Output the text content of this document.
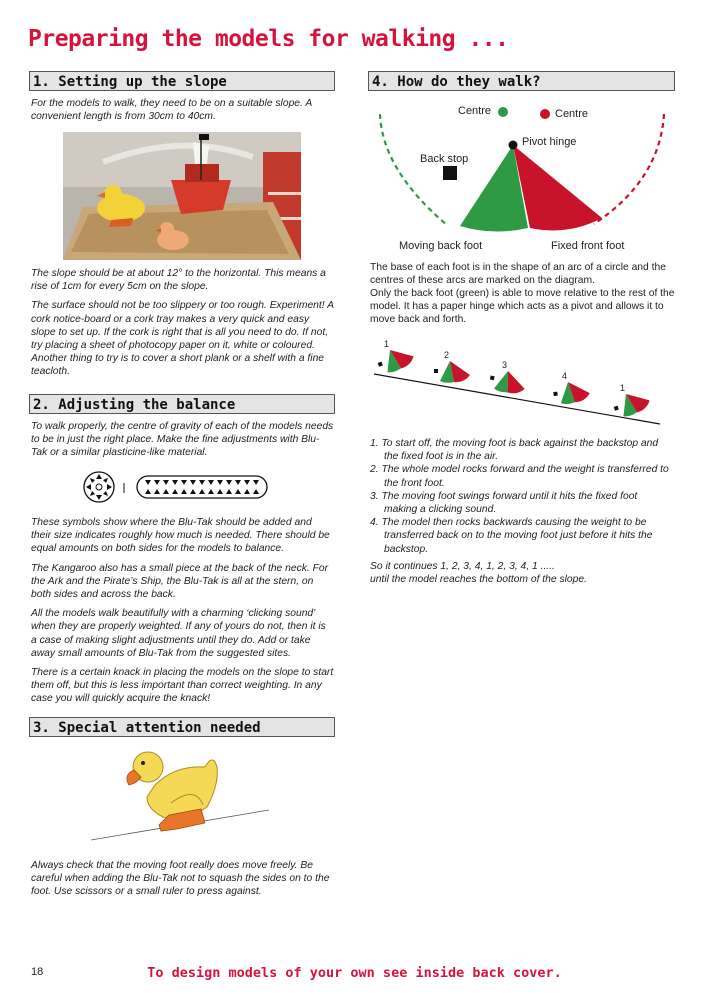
Preparing the models for walking ...
1. Setting up the slope
For the models to walk, they need to be on a suitable slope. A convenient length is from 30cm to 40cm.

The slope should be at about 12° to the horizontal. This means a rise of 1cm for every 5cm on the slope.

The surface should not be too slippery or too rough. Experiment! A cork notice-board or a cork tray makes a very quick and easy slope to set up. If the cork is right that is all you need to do. If not, try placing a sheet of photocopy paper on it, white or coloured. Another thing to try is to cover a short plank or a shelf with a fine teacloth.

2. Adjusting the balance
To walk properly, the centre of gravity of each of the models needs to be in just the right place. Make the fine adjustments with Blu-Tak or a similar plasticine-like material.

These symbols show where the Blu-Tak should be added and their size indicates roughly how much is needed. There should be equal amounts on both sides for the models to balance.

The Kangaroo also has a small piece at the back of the neck. For the Ark and the Pirate’s Ship, the Blu-Tak is all at the stern, on both sides and across the back.

All the models walk beautifully with a charming ‘clicking sound’ when they are properly weighted. If any of yours do not, then it is a case of making slight adjustments until they do. Add or take away small amounts of Blu-Tak from the suggested sites.

There is a certain knack in placing the models on the slope to start them off, but this is less important than correct weighting. In any case you will quickly acquire the knack!

3. Special attention needed
Always check that the moving foot really does move freely. Be careful when adding the Blu-Tak not to squash the sides on to the foot. Use scissors or a small ruler to press against.
4. How do they walk?
Centre	Centre
Pivot hinge
Back stop
Moving back foot	Fixed front foot
The base of each foot is in the shape of an arc of a circle and the centres of these arcs are marked on the diagram.
Only the back foot (green) is able to move relative to the rest of the model. It has a paper hinge which acts as a pivot and allows it to move back and forth.
1
2
3
4
1
1. To start off, the moving foot is back against the backstop and the fixed foot is in the air.
2. The whole model rocks forward and the weight is transferred to the front foot.
3. The moving foot swings forward until it hits the fixed foot making a clicking sound.
4. The model then rocks backwards causing the weight to be transferred back on to the moving foot just before it hits the backstop.
So it continues 1, 2, 3, 4, 1, 2, 3, 4, 1 .....
until the model reaches the bottom of the slope.
18	To design models of your own see inside back cover.
